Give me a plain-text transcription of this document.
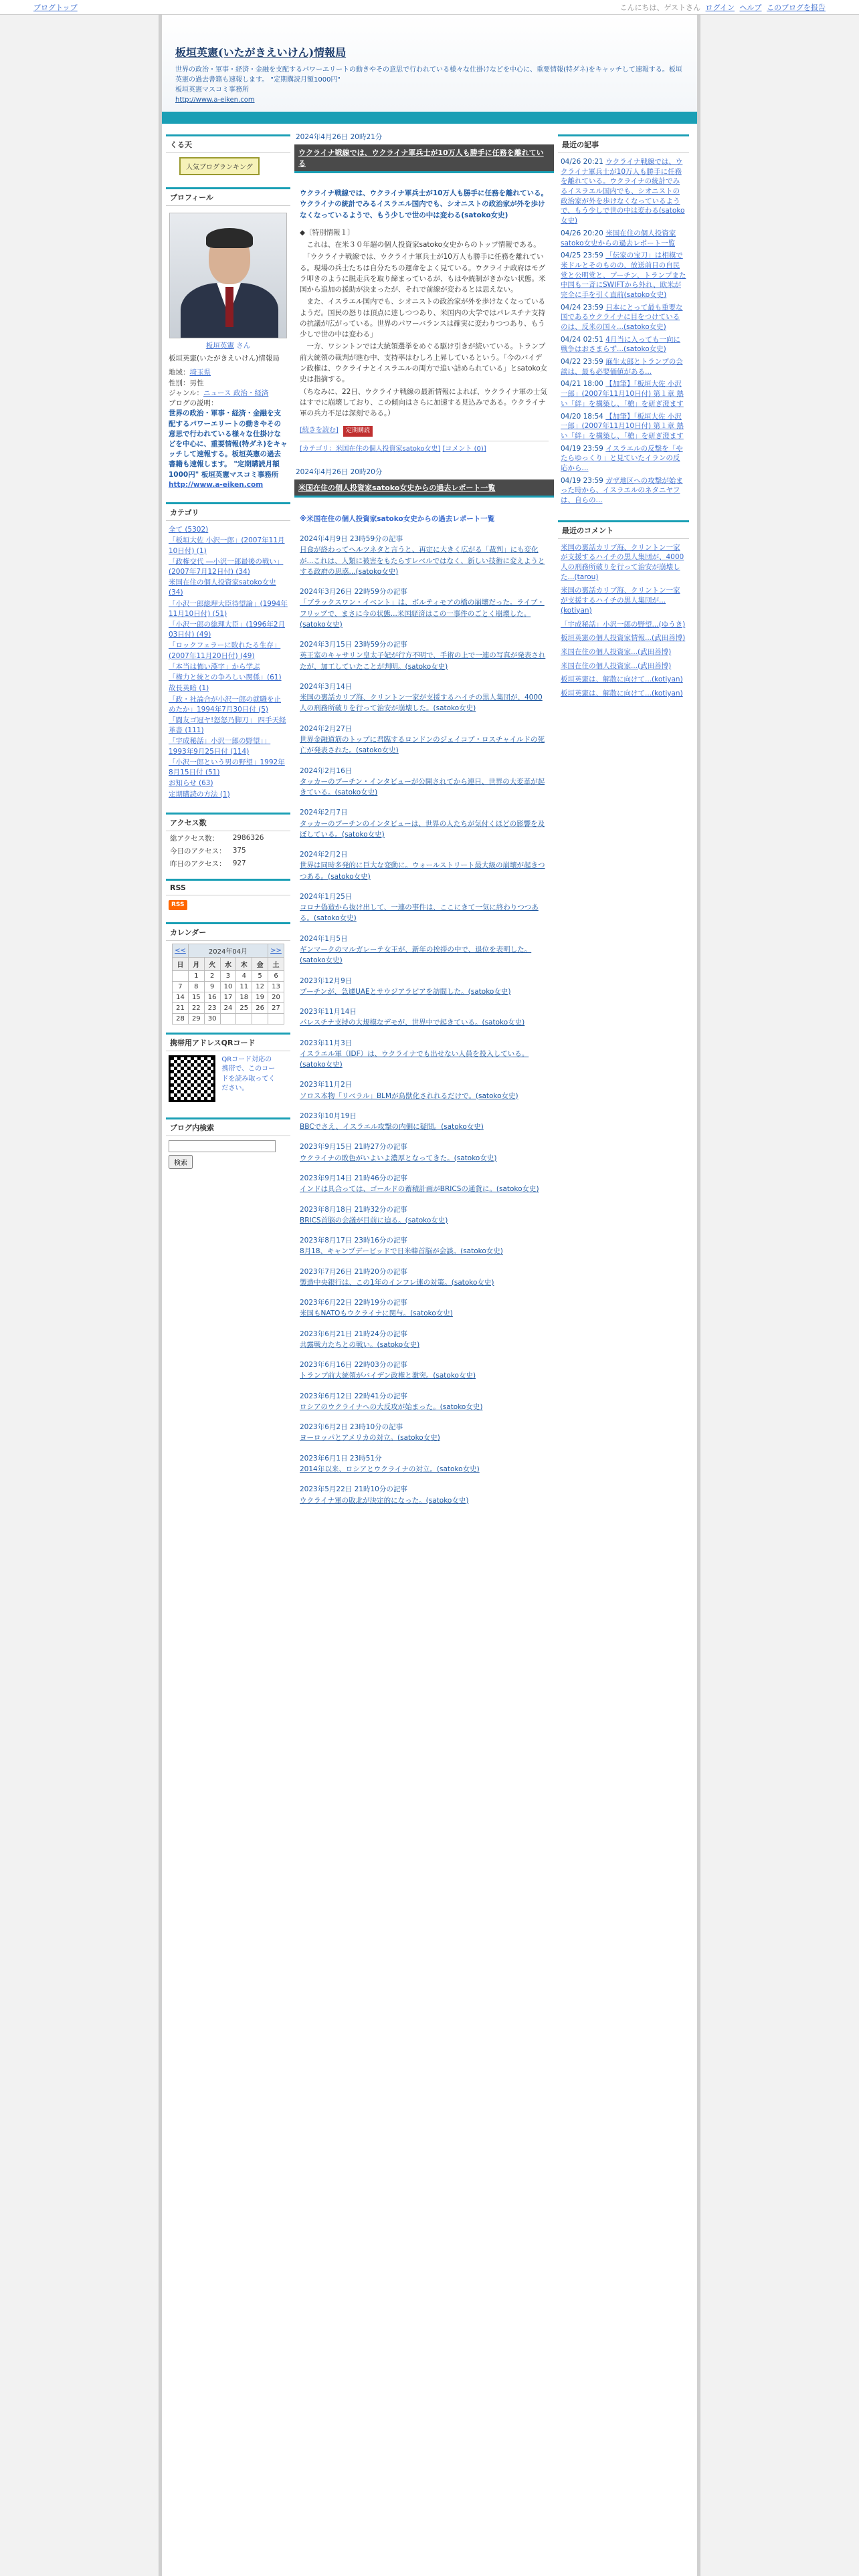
ブログトップ	こんにちは、ゲストさん ログイン ヘルプ このブログを报告
板垣英憲(いたがきえいけん)情報局
世界の政治・軍事・経済・金融を支配するパワーエリートの動きやその意思で行われている様々な仕掛けなどを中心に、重要情報(特ダネ)をキャッチして速報する。板垣英憲の過去書籍も速報します。 "定期購読月額1000円"
板垣英憲マスコミ事務所
http://www.a-eiken.com
くる天
人気ブログランキング
プロフィール
板垣英憲 さん
板垣英憲(いたがきえいけん)情報局
地域：埼玉県
性別：男性
ジャンル：ニュース 政治・経済
ブログの説明：
世界の政治・軍事・経済・金融を支配するパワーエリートの動きやその意思で行われている様々な仕掛けなどを中心に、重要情報(特ダネ)をキャッチして速報する。板垣英憲の過去書籍も速報します。 "定期購読月額1000円" 板垣英憲マスコミ事務所
http://www.a-eiken.com
カテゴリ
全て (5302)
「板垣大佐 小沢一郎」(2007年11月10日付) (1)
「政権交代 ―小沢一郎最後の戦い」(2007年7月12日付) (34)
米国在住の個人投資家satoko女史 (34)
「小沢一郎総理大臣待望論」(1994年11月10日付) (51)
「小沢一郎の総理大臣」(1996年2月03日付) (49)
「ロックフェラーに敗れたる生存」(2007年11月20日付) (49)
「本当は怖い漢字」から学ぶ
「権力と統との争ろしい関係」(61)
故長英暗 (1)
「政・社論合が小沢一郎の就職を止めたか」1994年7月30日付 (5)
「闘友ゴ冠ヤ!怒怒乃脚刀」 四手天経革書 (111)
「宇成秘話」小沢一郎の野望」」1993年9月25日付 (114)
「小沢一郎という男の野望」1992年8月15日付 (51)
お知らせ (63)
定期購読の方法 (1)
アクセス数
総アクセス数：	2986326
今日のアクセス：	375
昨日のアクセス：	927
RSS
RSS
カレンダー
<<	2024年04月					>>
日	月	火	水	木	金	土
	1	2	3	4	5	6
7	8	9	10	11	12	13
14	15	16	17	18	19	20
21	22	23	24	25	26	27
28	29	30				
携帯用アドレスQRコード
QRコード対応の携帯で、このコードを読み取ってください。
ブログ内検索

検索
2024年4月26日 20時21分
ウクライナ戦線では、ウクライナ軍兵士が10万人も勝手に任務を離れている
ウクライナ戦線では、ウクライナ軍兵士が10万人も勝手に任務を離れている。ウクライナの統計でみるイスラエル国内でも、シオニストの政治家が外を歩けなくなっているようで、もう少しで世の中は変わる(satoko女史)

◆〔特別情報１〕

　これは、在米３０年超の個人投資家satoko女史からのトップ情報である。

　「ウクライナ戦線では、ウクライナ軍兵士が10万人も勝手に任務を離れている。現場の兵士たちは自分たちの運命をよく見ている。ウクライナ政府はモグラ叩きのように脱走兵を取り締まっているが、もはや統制がきかない状態。米国から追加の援助が決まったが、それで前線が変わるとは思えない。

　また、イスラエル国内でも、シオニストの政治家が外を歩けなくなっているようだ。国民の怒りは頂点に達しつつあり、米国内の大学ではパレスチナ支持の抗議が広がっている。世界のパワーバランスは確実に変わりつつあり、もう少しで世の中は変わる」

　一方、ワシントンでは大統領選挙をめぐる駆け引きが続いている。トランプ前大統領の裁判が進む中、支持率はむしろ上昇しているという。「今のバイデン政権は、ウクライナとイスラエルの両方で追い詰められている」とsatoko女史は指摘する。

（ちなみに、22日、ウクライナ戦線の最新情報によれば、ウクライナ軍の士気はすでに崩壊しており、この傾向はさらに加速する見込みである。ウクライナ軍の兵力不足は深刻である。）

[続きを読む] 定期購読
[カテゴリ：米国在住の個人投資家satoko女史] [コメント (0)]
2024年4月26日 20時20分
米国在住の個人投資家satoko女史からの過去レポート一覧
※米国在住の個人投資家satoko女史からの過去レポート一覧
2024年4月9日 23時59分の記事
日食が終わってヘルツネタと言うと、再定に大きく広がる「裁判」にも変化が...これは、人類に被害をもたらすレベルではなく、新しい技術に変えようとする政府の思惑...(satoko女史)
2024年3月26日 22時59分の記事
「ブラックスワン・イベント」は、ボルティモアの橋の崩壊だった。ライブ・フリップで、まさに今の状態...米国経済はこの一事件のごとく崩壊した。(satoko女史)
2024年3月15日 23時59分の記事
英王室のキャサリン皇太子妃が行方不明で、手術の上で一連の写真が発表されたが、加工していたことが判明。(satoko女史)
2024年3月14日
米国の裏話カリブ海、クリントン一家が支援するハイチの黒人集団が、4000人の刑務所破りを行って治安が崩壊した。(satoko女史)
2024年2月27日
世界金融道筋のトップに君臨するロンドンのジェイコブ・ロスチャイルドの死亡が発表された。(satoko女史)
2024年2月16日
タッカーのプーチン・インタビューが公開されてから連日、世界の大変革が起きている。(satoko女史)
2024年2月7日
タッカーのプーチンのインタビューは、世界の人たちが気付くほどの影響を及ぼしている。(satoko女史)
2024年2月2日
世界は同時多発的に巨大な変動に。ウォールストリート最大級の崩壊が起きつつある。(satoko女史)
2024年1月25日
コロナ偽造から抜け出して、一連の事件は、ここにきて一気に終わりつつある。(satoko女史)
2024年1月5日
ギンマークのマルガレーテ女王が、新年の挨拶の中で、退位を表明した。(satoko女史)
2023年12月9日
プーチンが、急遽UAEとサウジアラビアを訪問した。(satoko女史)
2023年11月14日
パレスチナ支持の大規模なデモが、世界中で起きている。(satoko女史)
2023年11月3日
イスラエル軍（IDF）は、ウクライナでも出せない人員を投入している。(satoko女史)
2023年11月2日
ソロス本物「リベラル」BLMが鳥獣化されれるだけで。(satoko女史)
2023年10月19日
BBCでさえ、イスラエル攻撃の内側に疑問。(satoko女史)
2023年9月15日 21時27分の記事
ウクライナの敗色がいよいよ濃厚となってきた。(satoko女史)
2023年9月14日 21時46分の記事
インドは具合っては、ゴールドの蓄積計画がBRICSの通貨に。(satoko女史)
2023年8月18日 21時32分の記事
BRICS首脳の会議が目前に迫る。(satoko女史)
2023年8月17日 23時16分の記事
8月18、キャンプデービッドで日米韓首脳が会談。(satoko女史)
2023年7月26日 21時20分の記事
製造中央銀行は、この1年のインフレ連の対策。(satoko女史)
2023年6月22日 22時19分の記事
米国もNATOもウクライナに関与。(satoko女史)
2023年6月21日 21時24分の記事
共露戦力たちとの戦い。(satoko女史)
2023年6月16日 22時03分の記事
トランプ前大統領がバイデン政権と激突。(satoko女史)
2023年6月12日 22時41分の記事
ロシアのウクライナへの大反攻が始まった。(satoko女史)
2023年6月2日 23時10分の記事
ヨーロッパとアメリカの対立。(satoko女史)
2023年6月1日 23時51分
2014年以来、ロシアとウクライナの対立。(satoko女史)
2023年5月22日 21時10分の記事
ウクライナ軍の敗北が決定的になった。(satoko女史)
最近の記事
04/26 20:21 ウクライナ戦線では、ウクライナ軍兵士が10万人も勝手に任務を離れている。ウクライナの統計でみるイスラエル国内でも、シオニストの政治家が外を歩けなくなっているようで、もう少しで世の中は変わる(satoko女史)
04/26 20:20 米国在住の個人投資家satoko女史からの過去レポート一覧
04/25 23:59 「伝家の宝刀」は相模で米ドルとそのものの、放送前日の自民党と公明党と、プーチン、トランプまた中国も一斉にSWIFTから外れ、欧米が完全に手を引く直前(satoko女史)
04/24 23:59 日本にとって最も重要な国であるウクライナに目をつけているのは、反米の国々...(satoko女史)
04/24 02:51 4月当に入っても一向に戦争はおさまらず...(satoko女史)
04/22 23:59 麻生太郎とトランプの会談は、最も必要価値がある...
04/21 18:00 【加筆】「板垣大佐 小沢一郎」(2007年11月10日付) 第１章 熱い「絆」を構築し、「槍」を研ぎ澄ます
04/20 18:54 【加筆】「板垣大佐 小沢一郎」(2007年11月10日付) 第１章 熱い「絆」を構築し、「槍」を研ぎ澄ます
04/19 23:59 イスラエルの反撃を「やたらゆっくり」と見ていたイランの反応から...
04/19 23:59 ガザ地区への攻撃が始まった時から、イスラエルのネタニヤフは、自らの...
最近のコメント
米国の裏話カリブ海、クリントン一家が支援するハイチの黒人集団が、4000人の刑務所破りを行って治安が崩壊した...(tarou)
米国の裏話カリブ海、クリントン一家が支援するハイチの黒人集団が...(kotiyan)
「宇成秘話」小沢一郎の野望...(ゆうき)
板垣英憲の個人投資家情報...(武田善博)
米国在住の個人投資家...(武田善博)
米国在住の個人投資家...(武田善博)
板垣英憲は、解散に向けて...(kotiyan)
板垣英憲は、解散に向けて...(kotiyan)
